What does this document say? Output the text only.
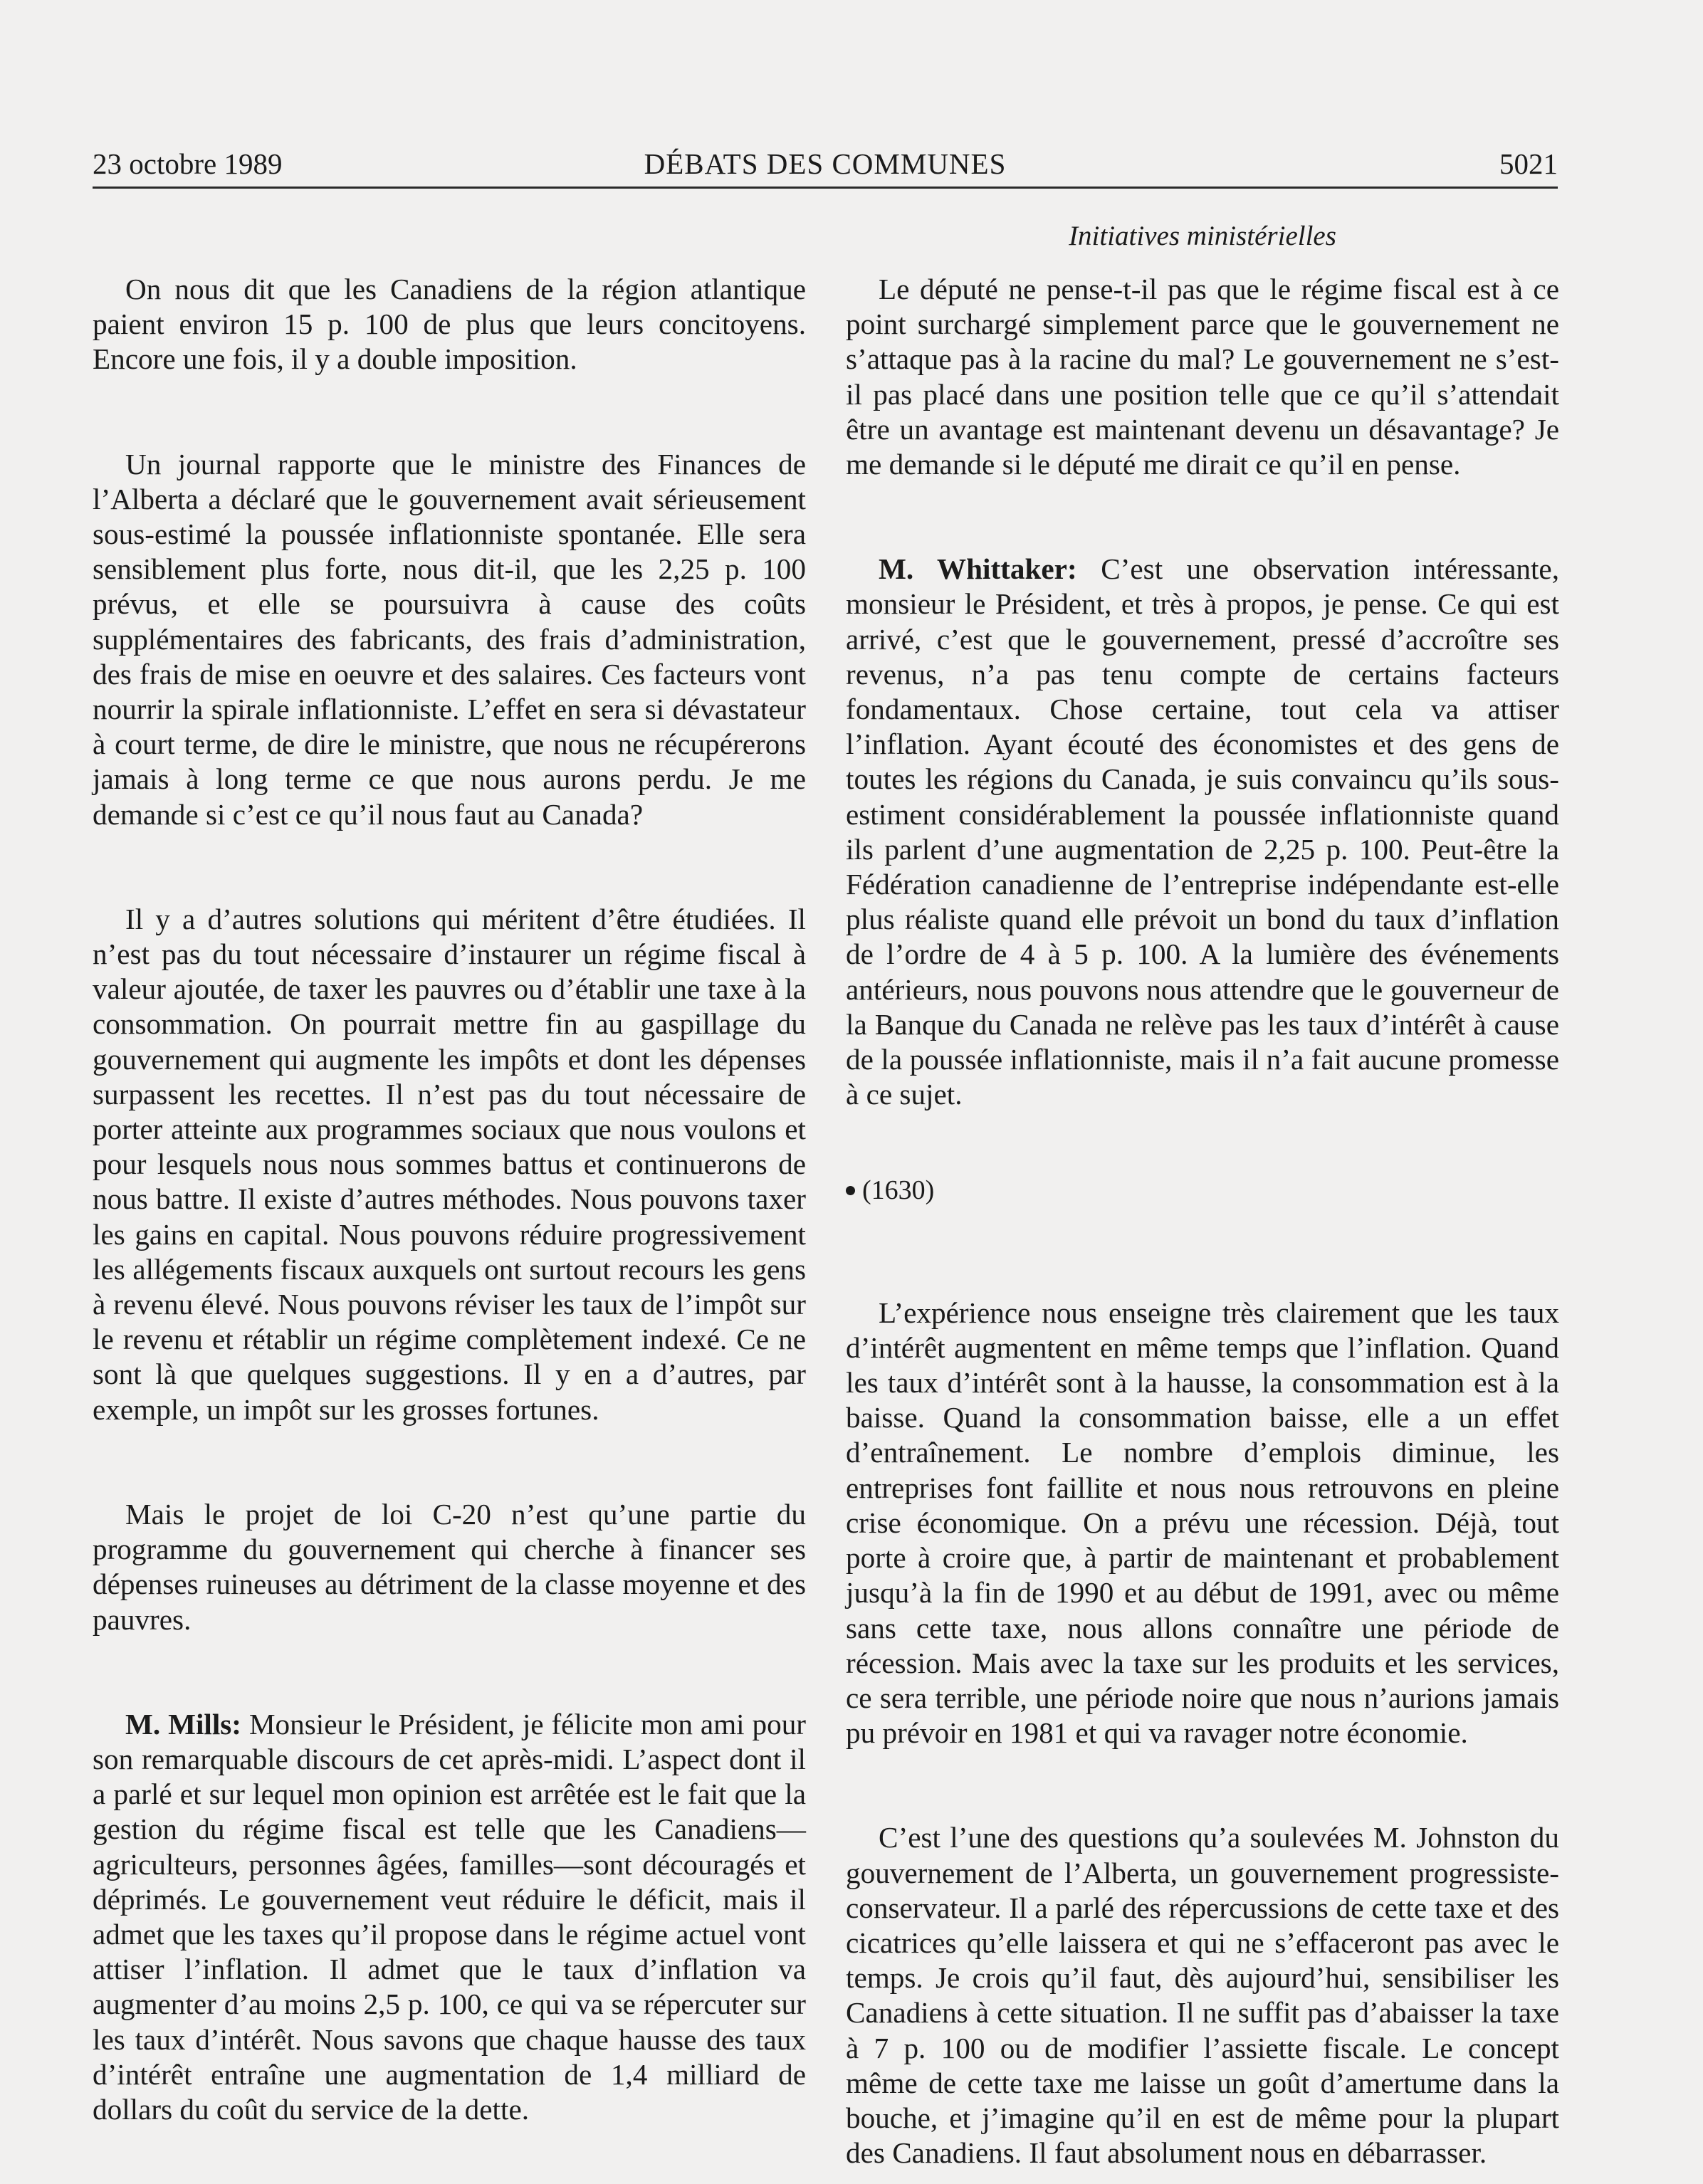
23 octobre 1989	DÉBATS DES COMMUNES	5021
Initiatives ministérielles

On nous dit que les Canadiens de la région atlantique paient environ 15 p. 100 de plus que leurs concitoyens. Encore une fois, il y a double imposition.

Un journal rapporte que le ministre des Finances de l’Alberta a déclaré que le gouvernement avait sérieusement sous-estimé la poussée inflationniste spontanée. Elle sera sensiblement plus forte, nous dit-il, que les 2,25 p. 100 prévus, et elle se poursuivra à cause des coûts supplémentaires des fabricants, des frais d’administration, des frais de mise en oeuvre et des salaires. Ces facteurs vont nourrir la spirale inflationniste. L’effet en sera si dévastateur à court terme, de dire le ministre, que nous ne récupérerons jamais à long terme ce que nous aurons perdu. Je me demande si c’est ce qu’il nous faut au Canada?

Il y a d’autres solutions qui méritent d’être étudiées. Il n’est pas du tout nécessaire d’instaurer un régime fiscal à valeur ajoutée, de taxer les pauvres ou d’établir une taxe à la consommation. On pourrait mettre fin au gaspillage du gouvernement qui augmente les impôts et dont les dépenses surpassent les recettes. Il n’est pas du tout nécessaire de porter atteinte aux programmes sociaux que nous voulons et pour lesquels nous nous sommes battus et continuerons de nous battre. Il existe d’autres méthodes. Nous pouvons taxer les gains en capital. Nous pouvons réduire progressivement les allégements fiscaux auxquels ont surtout recours les gens à revenu élevé. Nous pouvons réviser les taux de l’impôt sur le revenu et rétablir un régime complètement indexé. Ce ne sont là que quelques suggestions. Il y en a d’autres, par exemple, un impôt sur les grosses fortunes.

Mais le projet de loi C-20 n’est qu’une partie du programme du gouvernement qui cherche à financer ses dépenses ruineuses au détriment de la classe moyenne et des pauvres.

M. Mills: Monsieur le Président, je félicite mon ami pour son remarquable discours de cet après-midi. L’aspect dont il a parlé et sur lequel mon opinion est arrêtée est le fait que la gestion du régime fiscal est telle que les Canadiens—agriculteurs, personnes âgées, familles—sont découragés et déprimés. Le gouvernement veut réduire le déficit, mais il admet que les taxes qu’il propose dans le régime actuel vont attiser l’inflation. Il admet que le taux d’inflation va augmenter d’au moins 2,5 p. 100, ce qui va se répercuter sur les taux d’intérêt. Nous savons que chaque hausse des taux d’intérêt entraîne une augmentation de 1,4 milliard de dollars du coût du service de la dette.

Le député ne pense-t-il pas que le régime fiscal est à ce point surchargé simplement parce que le gouvernement ne s’attaque pas à la racine du mal? Le gouvernement ne s’est-il pas placé dans une position telle que ce qu’il s’attendait être un avantage est maintenant devenu un désavantage? Je me demande si le député me dirait ce qu’il en pense.

M. Whittaker: C’est une observation intéressante, monsieur le Président, et très à propos, je pense. Ce qui est arrivé, c’est que le gouvernement, pressé d’accroître ses revenus, n’a pas tenu compte de certains facteurs fondamentaux. Chose certaine, tout cela va attiser l’inflation. Ayant écouté des économistes et des gens de toutes les régions du Canada, je suis convaincu qu’ils sous-estiment considérablement la poussée inflationniste quand ils parlent d’une augmentation de 2,25 p. 100. Peut-être la Fédération canadienne de l’entreprise indépendante est-elle plus réaliste quand elle prévoit un bond du taux d’inflation de l’ordre de 4 à 5 p. 100. A la lumière des événements antérieurs, nous pouvons nous attendre que le gouverneur de la Banque du Canada ne relève pas les taux d’intérêt à cause de la poussée inflationniste, mais il n’a fait aucune promesse à ce sujet.

(1630)

L’expérience nous enseigne très clairement que les taux d’intérêt augmentent en même temps que l’inflation. Quand les taux d’intérêt sont à la hausse, la consommation est à la baisse. Quand la consommation baisse, elle a un effet d’entraînement. Le nombre d’emplois diminue, les entreprises font faillite et nous nous retrouvons en pleine crise économique. On a prévu une récession. Déjà, tout porte à croire que, à partir de maintenant et probablement jusqu’à la fin de 1990 et au début de 1991, avec ou même sans cette taxe, nous allons connaître une période de récession. Mais avec la taxe sur les produits et les services, ce sera terrible, une période noire que nous n’aurions jamais pu prévoir en 1981 et qui va ravager notre économie.

C’est l’une des questions qu’a soulevées M. Johnston du gouvernement de l’Alberta, un gouvernement progressiste-conservateur. Il a parlé des répercussions de cette taxe et des cicatrices qu’elle laissera et qui ne s’effaceront pas avec le temps. Je crois qu’il faut, dès aujourd’hui, sensibiliser les Canadiens à cette situation. Il ne suffit pas d’abaisser la taxe à 7 p. 100 ou de modifier l’assiette fiscale. Le concept même de cette taxe me laisse un goût d’amertume dans la bouche, et j’imagine qu’il en est de même pour la plupart des Canadiens. Il faut absolument nous en débarrasser.
